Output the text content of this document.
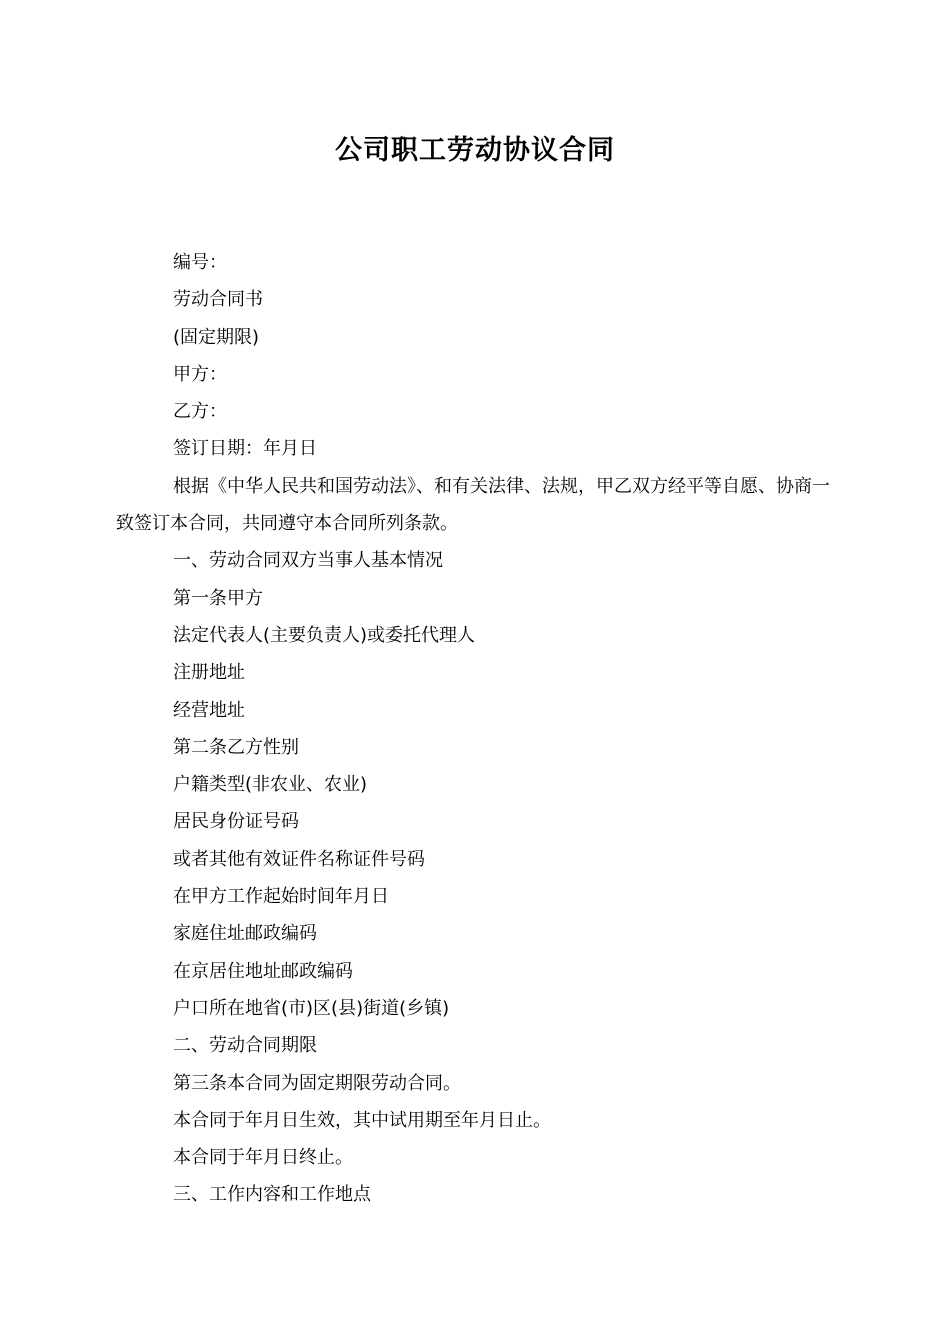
公司职工劳动协议合同

编号：

劳动合同书

(固定期限)

甲方：

乙方：

签订日期：年月日

根据《中华人民共和国劳动法》、和有关法律、法规，甲乙双方经平等自愿、协商一致签订本合同，共同遵守本合同所列条款。

一、劳动合同双方当事人基本情况

第一条甲方

法定代表人(主要负责人)或委托代理人

注册地址

经营地址

第二条乙方性别

户籍类型(非农业、农业)

居民身份证号码

或者其他有效证件名称证件号码

在甲方工作起始时间年月日

家庭住址邮政编码

在京居住地址邮政编码

户口所在地省(市)区(县)街道(乡镇)

二、劳动合同期限

第三条本合同为固定期限劳动合同。

本合同于年月日生效，其中试用期至年月日止。

本合同于年月日终止。

三、工作内容和工作地点
